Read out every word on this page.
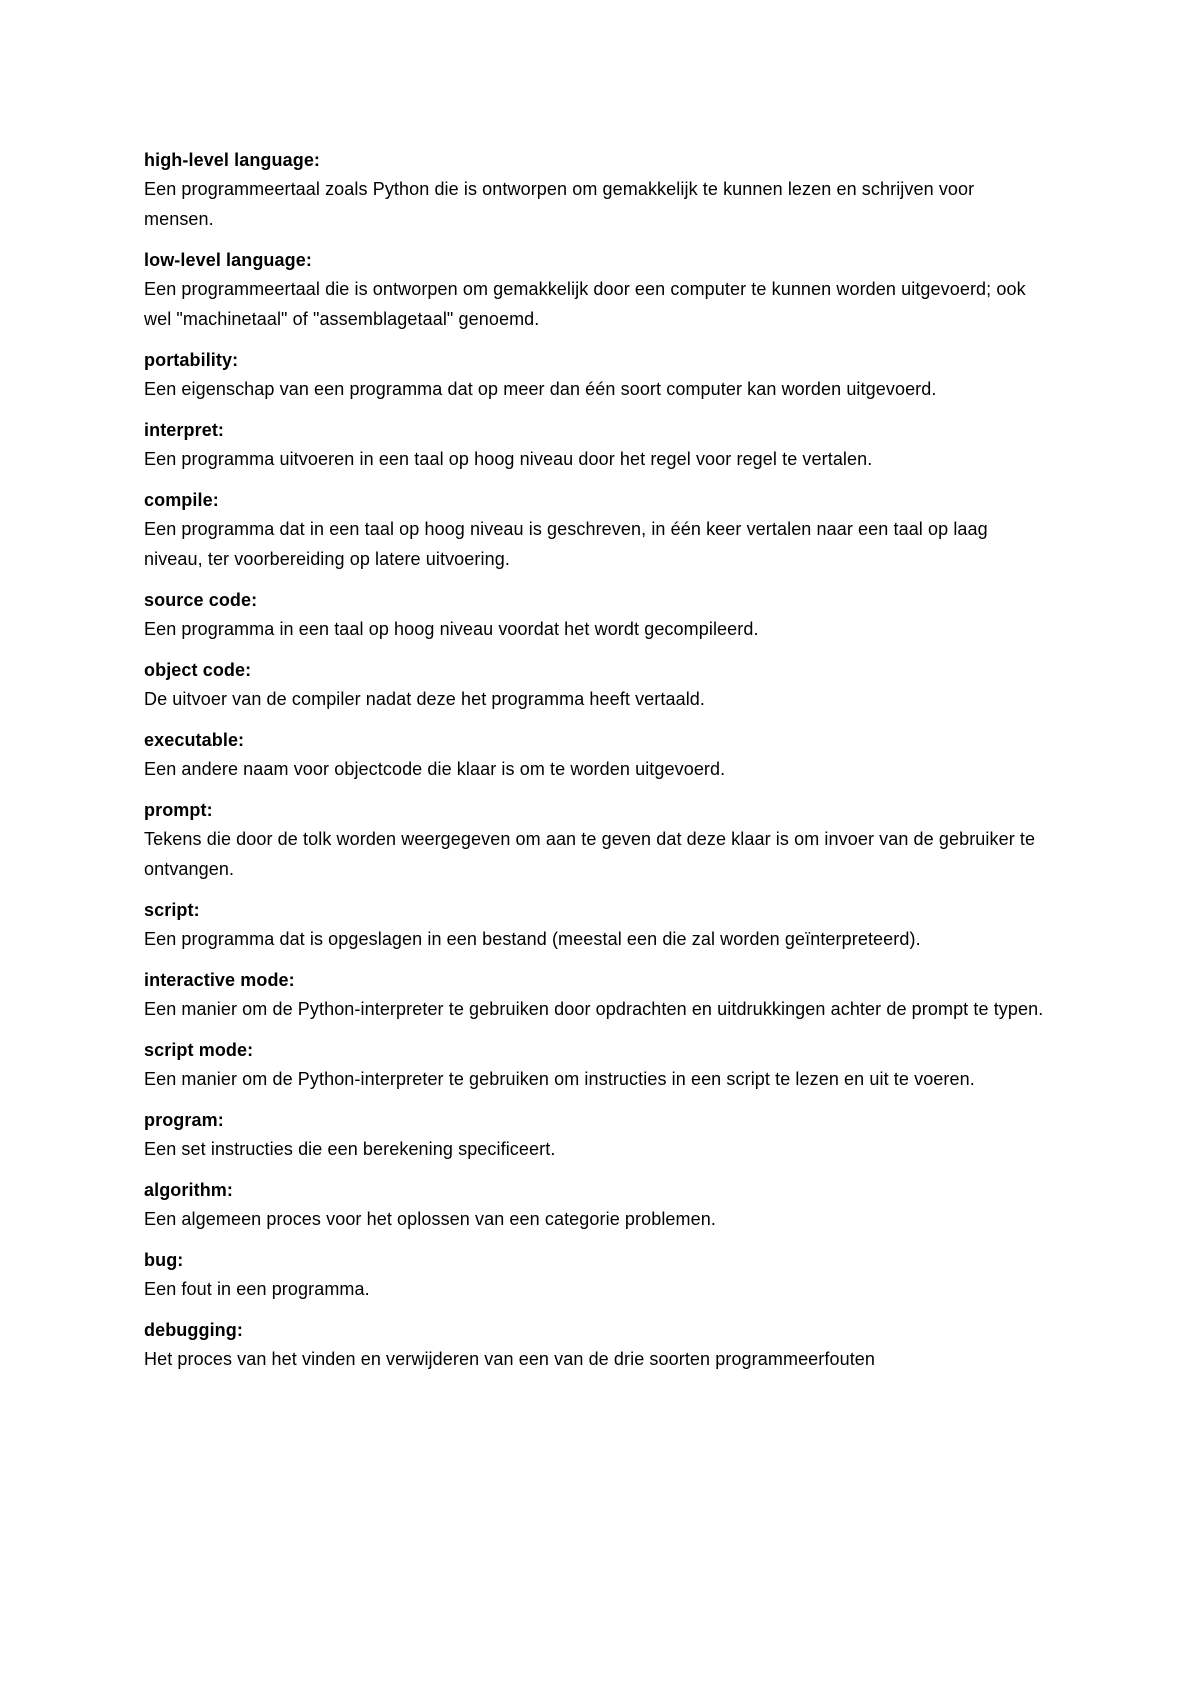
high-level language:
Een programmeertaal zoals Python die is ontworpen om gemakkelijk te kunnen lezen en schrijven voor mensen.
low-level language:
Een programmeertaal die is ontworpen om gemakkelijk door een computer te kunnen worden uitgevoerd; ook wel "machinetaal" of "assemblagetaal" genoemd.
portability:
Een eigenschap van een programma dat op meer dan één soort computer kan worden uitgevoerd.
interpret:
Een programma uitvoeren in een taal op hoog niveau door het regel voor regel te vertalen.
compile:
Een programma dat in een taal op hoog niveau is geschreven, in één keer vertalen naar een taal op laag niveau, ter voorbereiding op latere uitvoering.
source code:
Een programma in een taal op hoog niveau voordat het wordt gecompileerd.
object code:
De uitvoer van de compiler nadat deze het programma heeft vertaald.
executable:
Een andere naam voor objectcode die klaar is om te worden uitgevoerd.
prompt:
Tekens die door de tolk worden weergegeven om aan te geven dat deze klaar is om invoer van de gebruiker te ontvangen.
script:
Een programma dat is opgeslagen in een bestand (meestal een die zal worden geïnterpreteerd).
interactive mode:
Een manier om de Python-interpreter te gebruiken door opdrachten en uitdrukkingen achter de prompt te typen.
script mode:
Een manier om de Python-interpreter te gebruiken om instructies in een script te lezen en uit te voeren.
program:
Een set instructies die een berekening specificeert.
algorithm:
Een algemeen proces voor het oplossen van een categorie problemen.
bug:
Een fout in een programma.
debugging:
Het proces van het vinden en verwijderen van een van de drie soorten programmeerfouten
